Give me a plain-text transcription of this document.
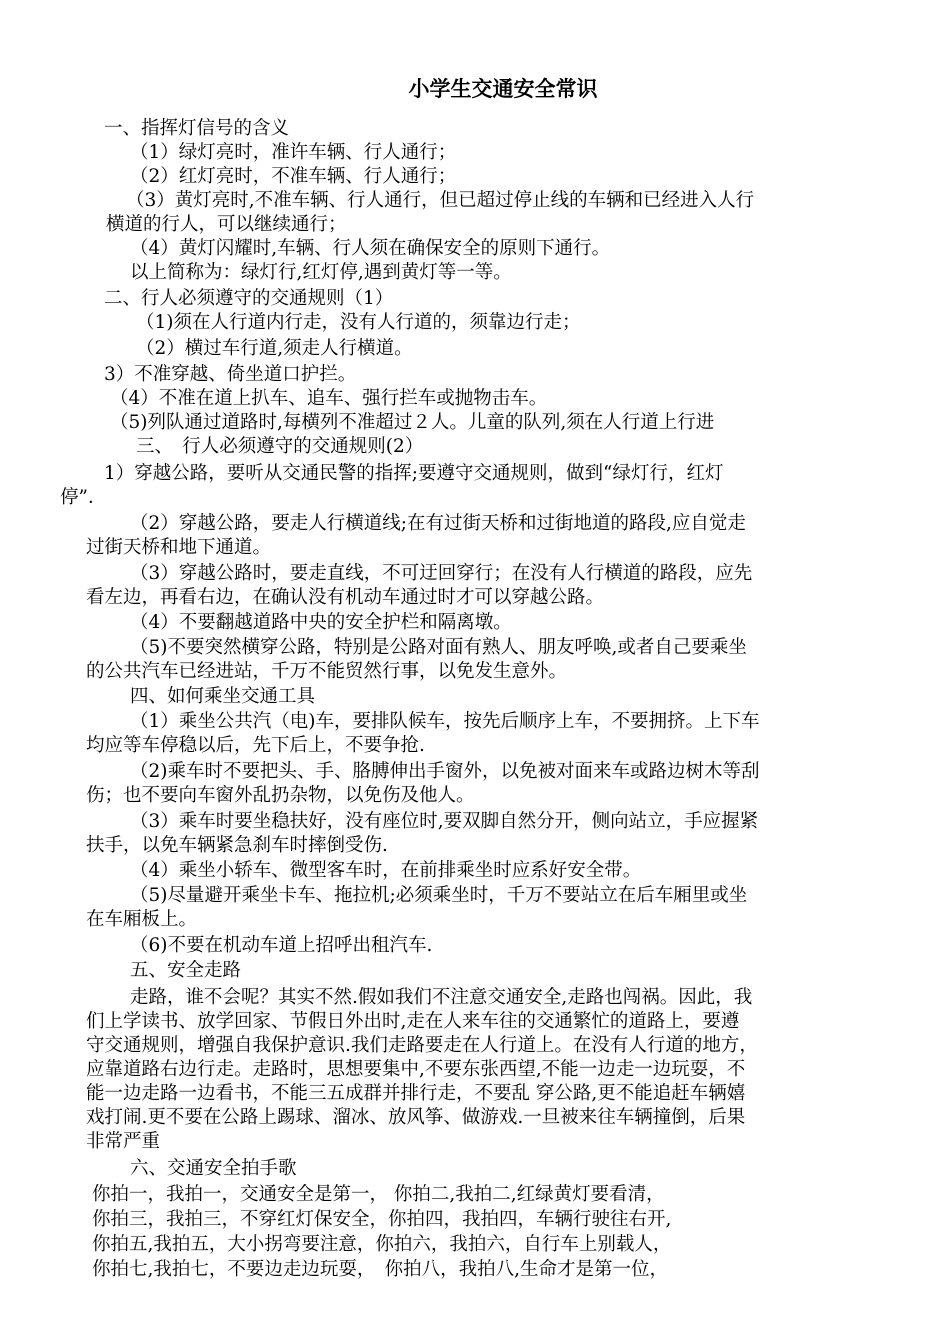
小学生交通安全常识
一、指挥灯信号的含义
（1）绿灯亮时，准许车辆、行人通行；
（2）红灯亮时，不准车辆、行人通行；
（3）黄灯亮时,不准车辆、行人通行，但已超过停止线的车辆和已经进入人行
横道的行人，可以继续通行；
（4）黄灯闪耀时,车辆、行人须在确保安全的原则下通行。
以上简称为：绿灯行,红灯停,遇到黄灯等一等。
二、行人必须遵守的交通规则（1）
（1)须在人行道内行走，没有人行道的，须靠边行走；
（2）横过车行道,须走人行横道。
3）不准穿越、倚坐道口护拦。
（4）不准在道上扒车、追车、强行拦车或抛物击车。
（5)列队通过道路时,每横列不准超过２人。儿童的队列,须在人行道上行进
三、　行人必须遵守的交通规则(2）
1）穿越公路，要听从交通民警的指挥;要遵守交通规则，做到“绿灯行，红灯
停”．
（2）穿越公路，要走人行横道线;在有过街天桥和过街地道的路段,应自觉走
过街天桥和地下通道。
（3）穿越公路时，要走直线，不可迂回穿行；在没有人行横道的路段，应先
看左边，再看右边，在确认没有机动车通过时才可以穿越公路。
（4）不要翻越道路中央的安全护栏和隔离墩。
（5)不要突然横穿公路，特别是公路对面有熟人、朋友呼唤,或者自己要乘坐
的公共汽车已经进站，千万不能贸然行事，以免发生意外。
四、如何乘坐交通工具
（1）乘坐公共汽（电)车，要排队候车，按先后顺序上车，不要拥挤。上下车
均应等车停稳以后，先下后上，不要争抢.
（2)乘车时不要把头、手、胳膊伸出手窗外，以免被对面来车或路边树木等刮
伤；也不要向车窗外乱扔杂物，以免伤及他人。
（3）乘车时要坐稳扶好，没有座位时,要双脚自然分开，侧向站立，手应握紧
扶手，以免车辆紧急刹车时摔倒受伤.
（4）乘坐小轿车、微型客车时，在前排乘坐时应系好安全带。
（5)尽量避开乘坐卡车、拖拉机;必须乘坐时，千万不要站立在后车厢里或坐
在车厢板上。
（6)不要在机动车道上招呼出租汽车.
五、安全走路
走路，谁不会呢？其实不然.假如我们不注意交通安全,走路也闯祸。因此，我
们上学读书、放学回家、节假日外出时,走在人来车往的交通繁忙的道路上，要遵
守交通规则，增强自我保护意识.我们走路要走在人行道上。在没有人行道的地方，
应靠道路右边行走。走路时，思想要集中,不要东张西望,不能一边走一边玩耍，不
能一边走路一边看书，不能三五成群并排行走，不要乱 穿公路,更不能追赶车辆嬉
戏打闹.更不要在公路上踢球、溜冰、放风筝、做游戏.一旦被来往车辆撞倒，后果
非常严重
六、交通安全拍手歌
你拍一，我拍一，交通安全是第一， 你拍二,我拍二,红绿黄灯要看清，
你拍三，我拍三，不穿红灯保安全，你拍四，我拍四，车辆行驶往右开,
你拍五,我拍五，大小拐弯要注意，你拍六，我拍六，自行车上别载人，
你拍七,我拍七，不要边走边玩耍，　你拍八，我拍八,生命才是第一位，
